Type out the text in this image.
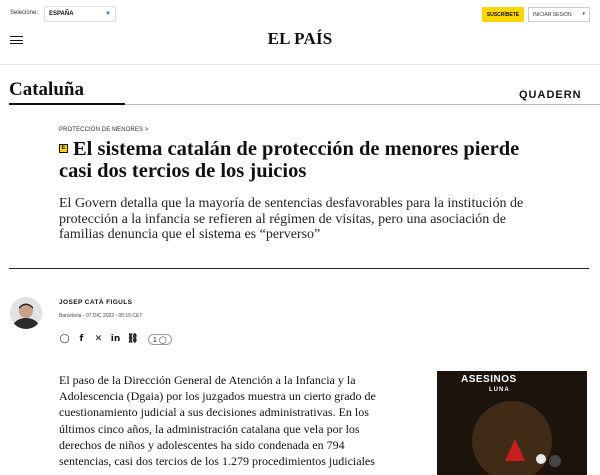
Selecione:	ESPAÑA	▼	SUSCRÍBETE	INICIAR SESIÓN ▾
EL PAÍS
Cataluña	QUADERN
PROTECCIÓN DE MENORES >
El sistema catalán de protección de menores pierde casi dos tercios de los juicios
E
El Govern detalla que la mayoría de sentencias desfavorables para la institución de protección a la infancia se refieren al régimen de visitas, pero una asociación de familias denuncia que el sistema es “perverso”
JOSEP CATÀ FIGULS
Barcelona - 07 DIC 2022 - 05:15 CET
◯	f	✕ in ⛓	1 ◯
El paso de la Dirección General de Atención a la Infancia y la Adolescencia (Dgaia) por los juzgados muestra un cierto grado de cuestionamiento judicial a sus decisiones administrativas. En los últimos cinco años, la administración catalana que vela por los derechos de niños y adolescentes ha sido condenada en 794 sentencias, casi dos tercios de los 1.279 procedimientos judiciales
ASESINOS
LUNA
